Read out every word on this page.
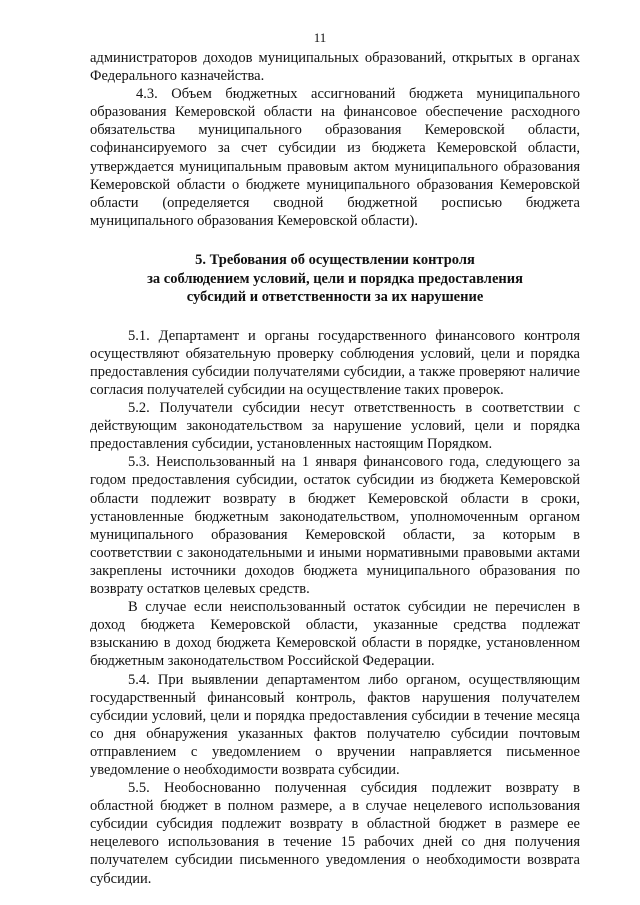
11

администраторов доходов муниципальных образований, открытых в органах Федерального казначейства.

4.3. Объем бюджетных ассигнований бюджета муниципального образования Кемеровской области на финансовое обеспечение расходного обязательства муниципального образования Кемеровской области, софинансируемого за счет субсидии из бюджета Кемеровской области, утверждается муниципальным правовым актом муниципального образования Кемеровской области о бюджете муниципального образования Кемеровской области (определяется сводной бюджетной росписью бюджета муниципального образования Кемеровской области).

5. Требования об осуществлении контроля
за соблюдением условий, цели и порядка предоставления
субсидий и ответственности за их нарушение

5.1. Департамент и органы государственного финансового контроля осуществляют обязательную проверку соблюдения условий, цели и порядка предоставления субсидии получателями субсидии, а также проверяют наличие согласия получателей субсидии на осуществление таких проверок.

5.2. Получатели субсидии несут ответственность в соответствии с действующим законодательством за нарушение условий, цели и порядка предоставления субсидии, установленных настоящим Порядком.

5.3. Неиспользованный на 1 января финансового года, следующего за годом предоставления субсидии, остаток субсидии из бюджета Кемеровской области подлежит возврату в бюджет Кемеровской области в сроки, установленные бюджетным законодательством, уполномоченным органом муниципального образования Кемеровской области, за которым в соответствии с законодательными и иными нормативными правовыми актами закреплены источники доходов бюджета муниципального образования по возврату остатков целевых средств.

В случае если неиспользованный остаток субсидии не перечислен в доход бюджета Кемеровской области, указанные средства подлежат взысканию в доход бюджета Кемеровской области в порядке, установленном бюджетным законодательством Российской Федерации.

5.4. При выявлении департаментом либо органом, осуществляющим государственный финансовый контроль, фактов нарушения получателем субсидии условий, цели и порядка предоставления субсидии в течение месяца со дня обнаружения указанных фактов получателю субсидии почтовым отправлением с уведомлением о вручении направляется письменное уведомление о необходимости возврата субсидии.

5.5. Необоснованно полученная субсидия подлежит возврату в областной бюджет в полном размере, а в случае нецелевого использования субсидии субсидия подлежит возврату в областной бюджет в размере ее нецелевого использования в течение 15 рабочих дней со дня получения получателем субсидии письменного уведомления о необходимости возврата субсидии.
